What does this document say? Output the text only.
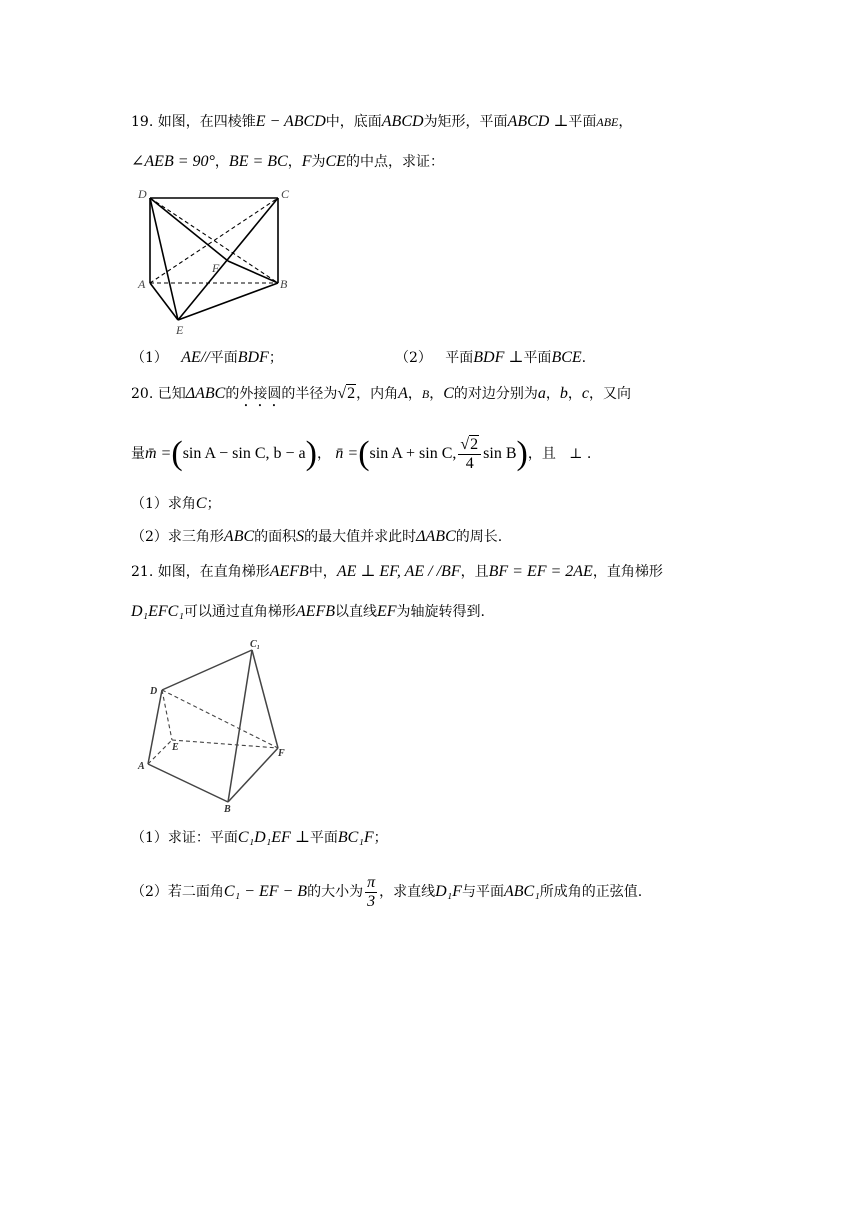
19. 如图，在四棱锥E − ABCD中，底面ABCD为矩形，平面ABCD ⊥平面ABE，
∠AEB = 90°，BE = BC，F为CE的中点，求证：
D	C
A	B
F
E
（1） AE//平面BDF；	（2） 平面BDF ⊥平面BCE.
20. 已知ΔABC的外接圆的半径为√2，内角A，B，C的对边分别为a，b，c，又向
量m̄ =(sin A − sin C, b − a)， n̄ =(sin A + sin C, $\frac{√2}{4}$ sin B)，且 ⊥ .
（1）求角C；
（2）求三角形ABC的面积S的最大值并求此时ΔABC的周长.
21. 如图，在直角梯形AEFB中，AE ⊥ EF, AE / /BF，且BF = EF = 2AE，直角梯形
D₁EFC₁可以通过直角梯形AEFB以直线EF为轴旋转得到.
C₁
D
E
F
A
B
（1）求证：平面C₁D₁EF ⊥平面BC₁F；
（2）若二面角C₁ − EF − B的大小为 $\frac{\pi}{3}$ ，求直线D₁F与平面ABC₁所成角的正弦值.
